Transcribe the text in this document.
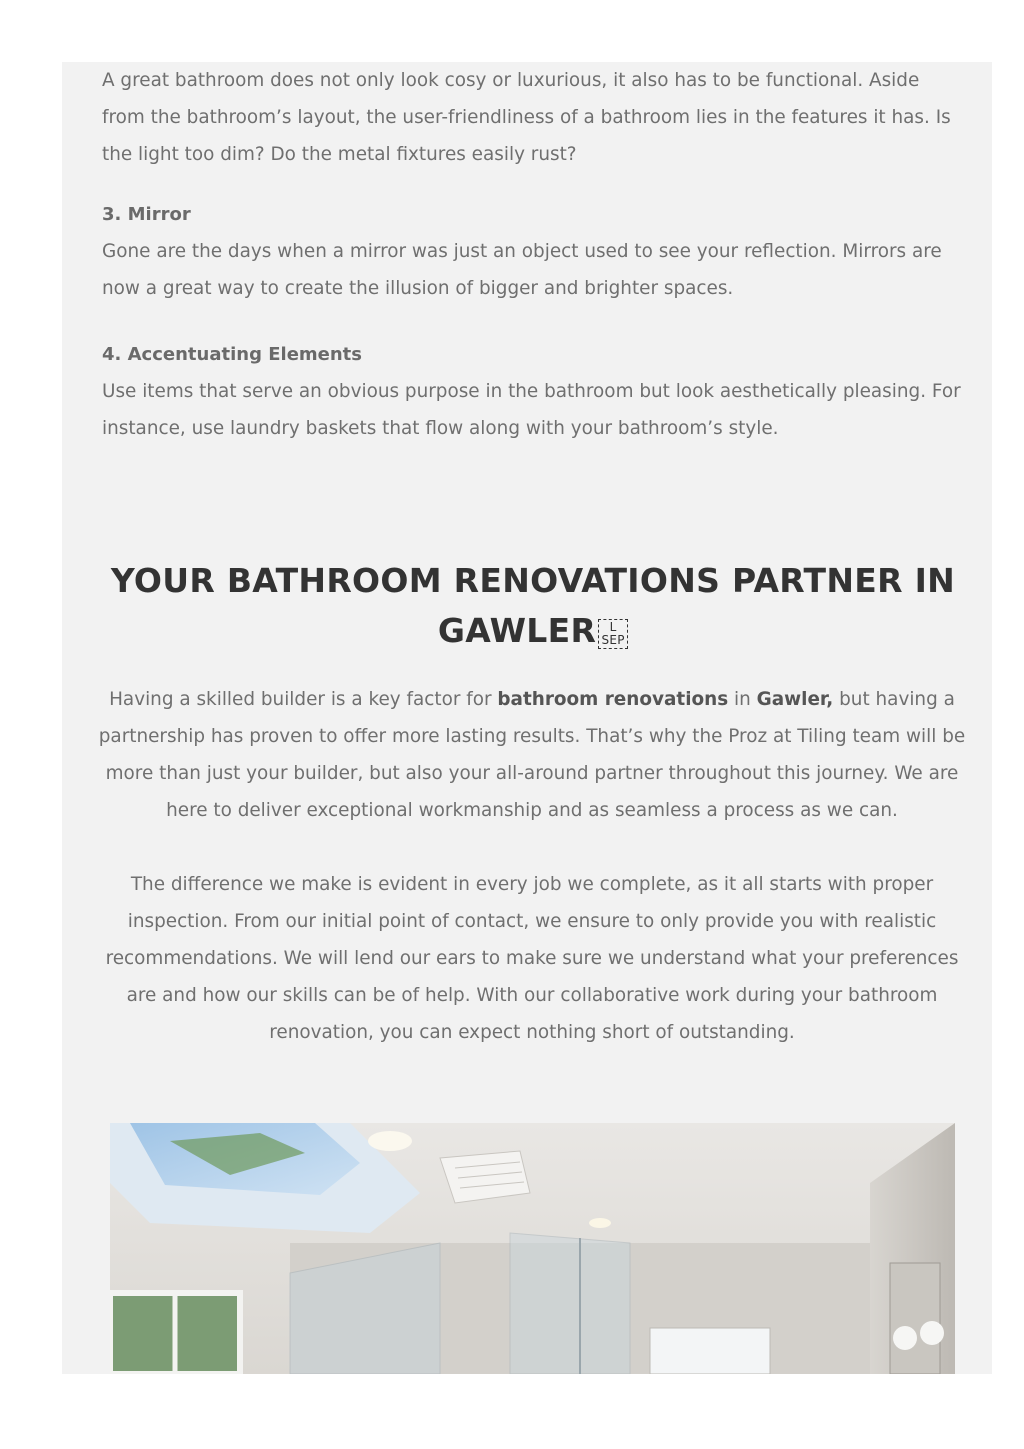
A great bathroom does not only look cosy or luxurious, it also has to be functional. Aside from the bathroom’s layout, the user-friendliness of a bathroom lies in the features it has. Is the light too dim? Do the metal fixtures easily rust?

3. Mirror

Gone are the days when a mirror was just an object used to see your reflection. Mirrors are now a great way to create the illusion of bigger and brighter spaces.

4. Accentuating Elements

Use items that serve an obvious purpose in the bathroom but look aesthetically pleasing. For instance, use laundry baskets that flow along with your bathroom’s style.

YOUR BATHROOM RENOVATIONS PARTNER IN
GAWLER L
SEP

Having a skilled builder is a key factor for bathroom renovations in Gawler, but having a partnership has proven to offer more lasting results. That’s why the Proz at Tiling team will be more than just your builder, but also your all-around partner throughout this journey. We are here to deliver exceptional workmanship and as seamless a process as we can.

The difference we make is evident in every job we complete, as it all starts with proper inspection. From our initial point of contact, we ensure to only provide you with realistic recommendations. We will lend our ears to make sure we understand what your preferences are and how our skills can be of help. With our collaborative work during your bathroom renovation, you can expect nothing short of outstanding.
